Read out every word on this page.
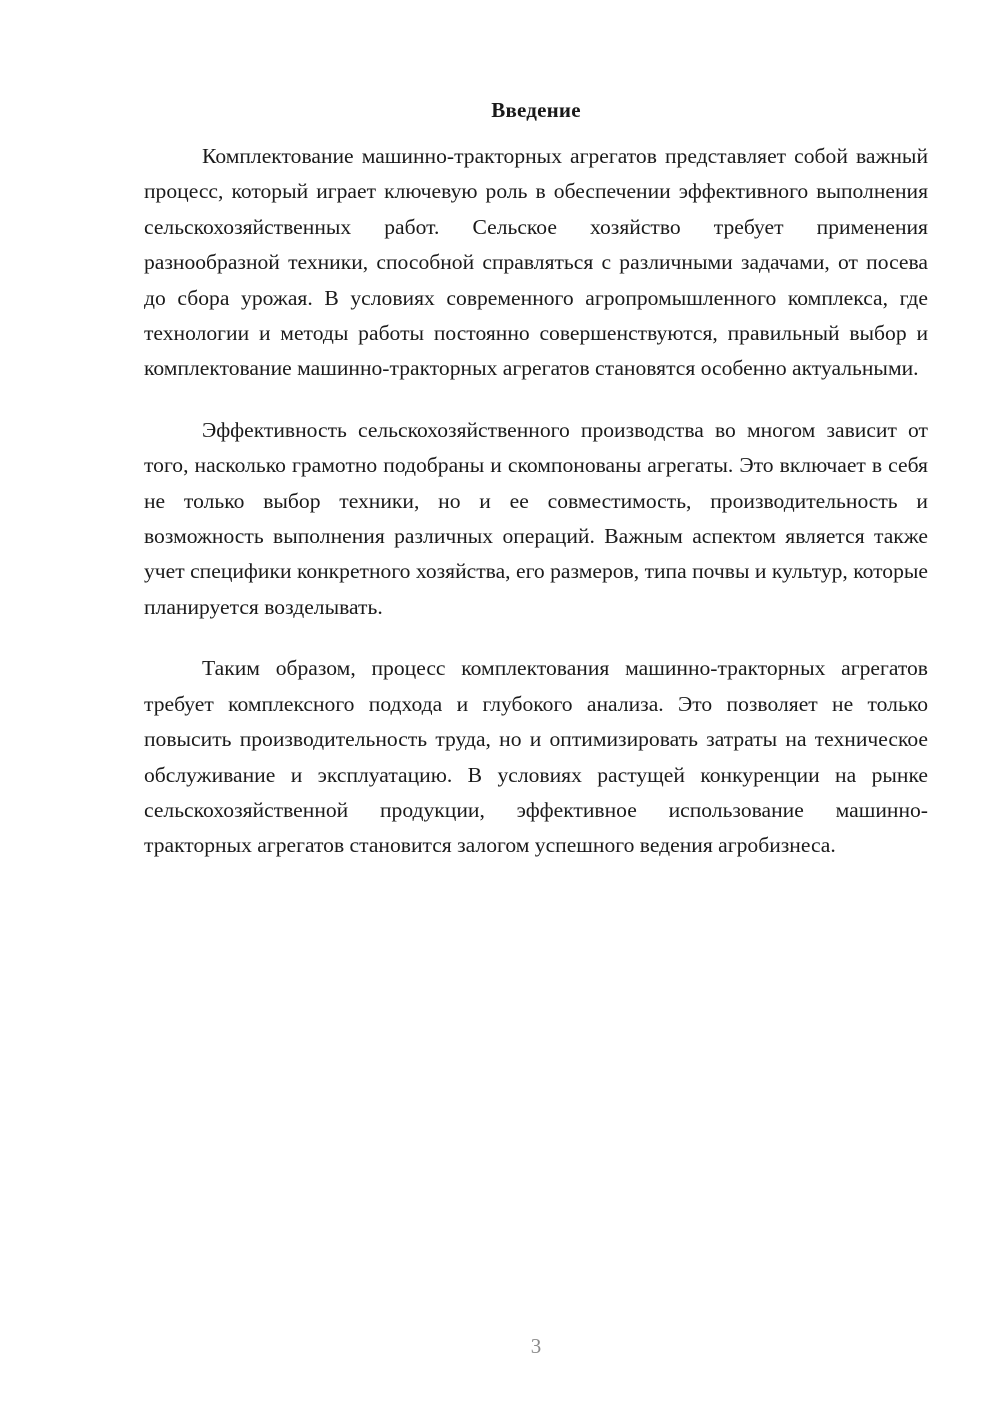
Введение

Комплектование машинно-тракторных агрегатов представляет собой важный процесс, который играет ключевую роль в обеспечении эффективного выполнения сельскохозяйственных работ. Сельское хозяйство требует применения разнообразной техники, способной справляться с различными задачами, от посева до сбора урожая. В условиях современного агропромышленного комплекса, где технологии и методы работы постоянно совершенствуются, правильный выбор и комплектование машинно-тракторных агрегатов становятся особенно актуальными.

Эффективность сельскохозяйственного производства во многом зависит от того, насколько грамотно подобраны и скомпонованы агрегаты. Это включает в себя не только выбор техники, но и ее совместимость, производительность и возможность выполнения различных операций. Важным аспектом является также учет специфики конкретного хозяйства, его размеров, типа почвы и культур, которые планируется возделывать.

Таким образом, процесс комплектования машинно-тракторных агрегатов требует комплексного подхода и глубокого анализа. Это позволяет не только повысить производительность труда, но и оптимизировать затраты на техническое обслуживание и эксплуатацию. В условиях растущей конкуренции на рынке сельскохозяйственной продукции, эффективное использование машинно-тракторных агрегатов становится залогом успешного ведения агробизнеса.

3
